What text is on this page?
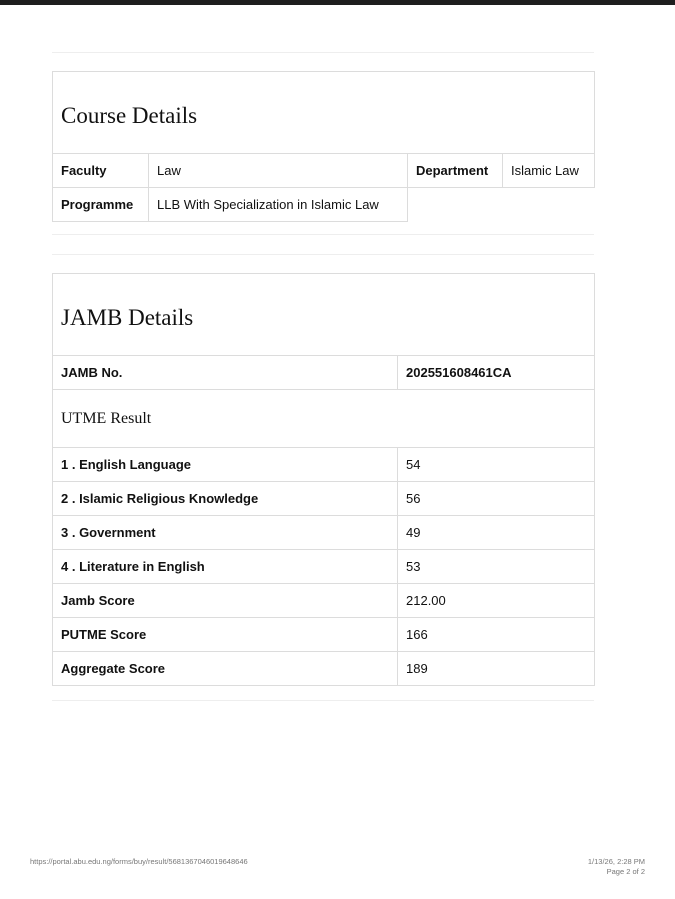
Course Details			
Faculty	Law	Department	Islamic Law
Programme	LLB With Specialization in Islamic Law		
JAMB Details	
JAMB No.	202551608461CA
UTME Result	
1 . English Language	54
2 . Islamic Religious Knowledge	56
3 . Government	49
4 . Literature in English	53
Jamb Score	212.00
PUTME Score	166
Aggregate Score	189
https://portal.abu.edu.ng/forms/buy/result/5681367046019648646	1/13/26, 2:28 PM
Page 2 of 2
